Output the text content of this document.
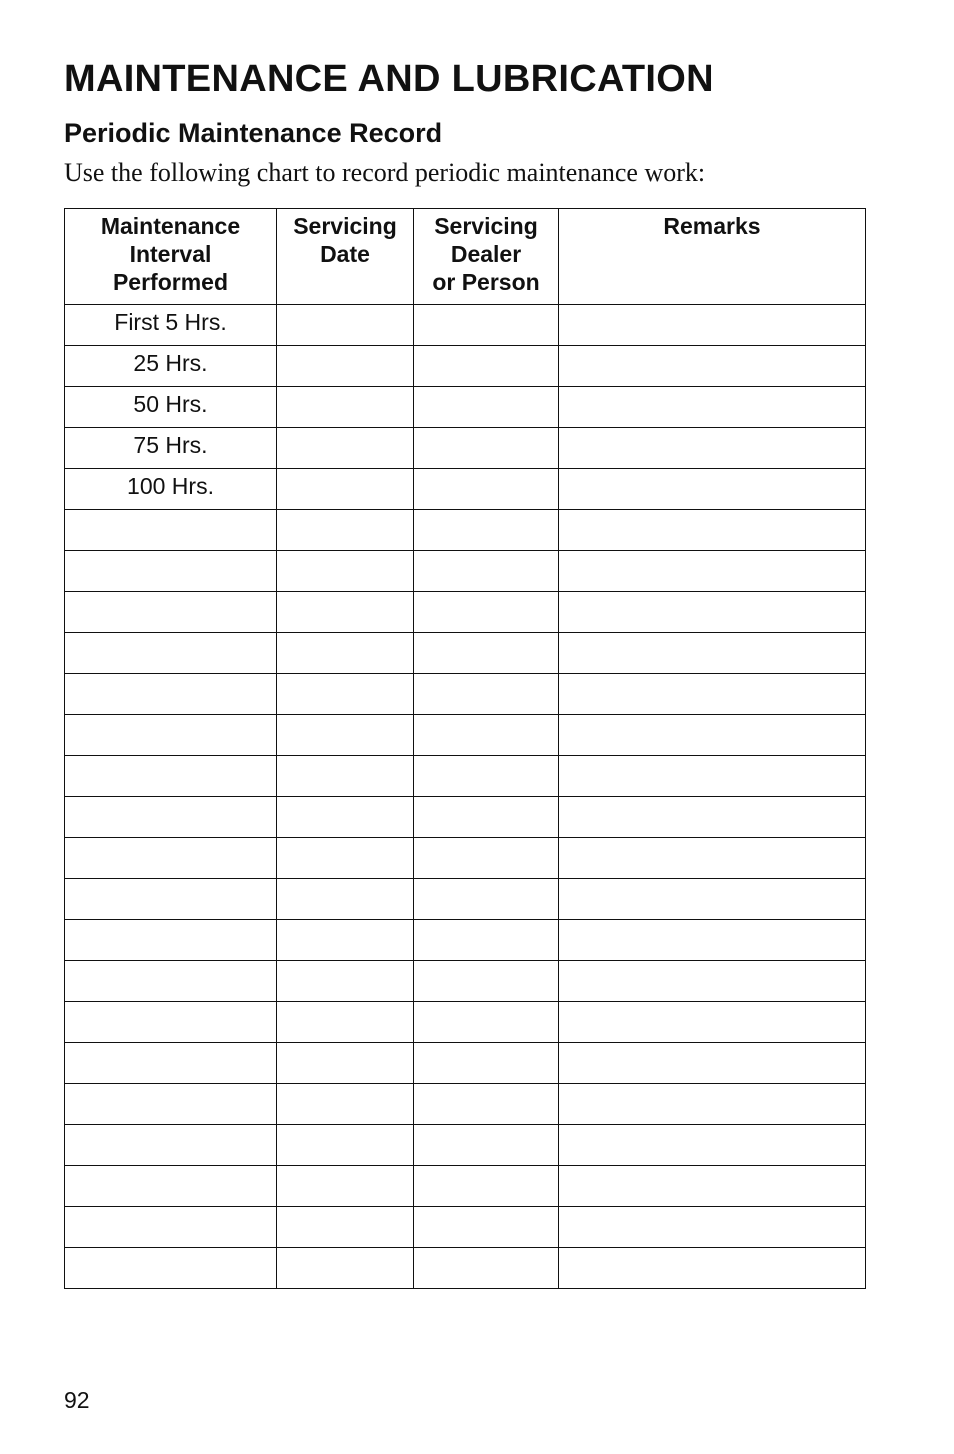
MAINTENANCE AND LUBRICATION
Periodic Maintenance Record

Use the following chart to record periodic maintenance work:

Maintenance
Interval
Performed	Servicing
Date	Servicing
Dealer
or Person	Remarks

First 5 Hrs.			
25 Hrs.			
50 Hrs.			
75 Hrs.			
100 Hrs.			

92
